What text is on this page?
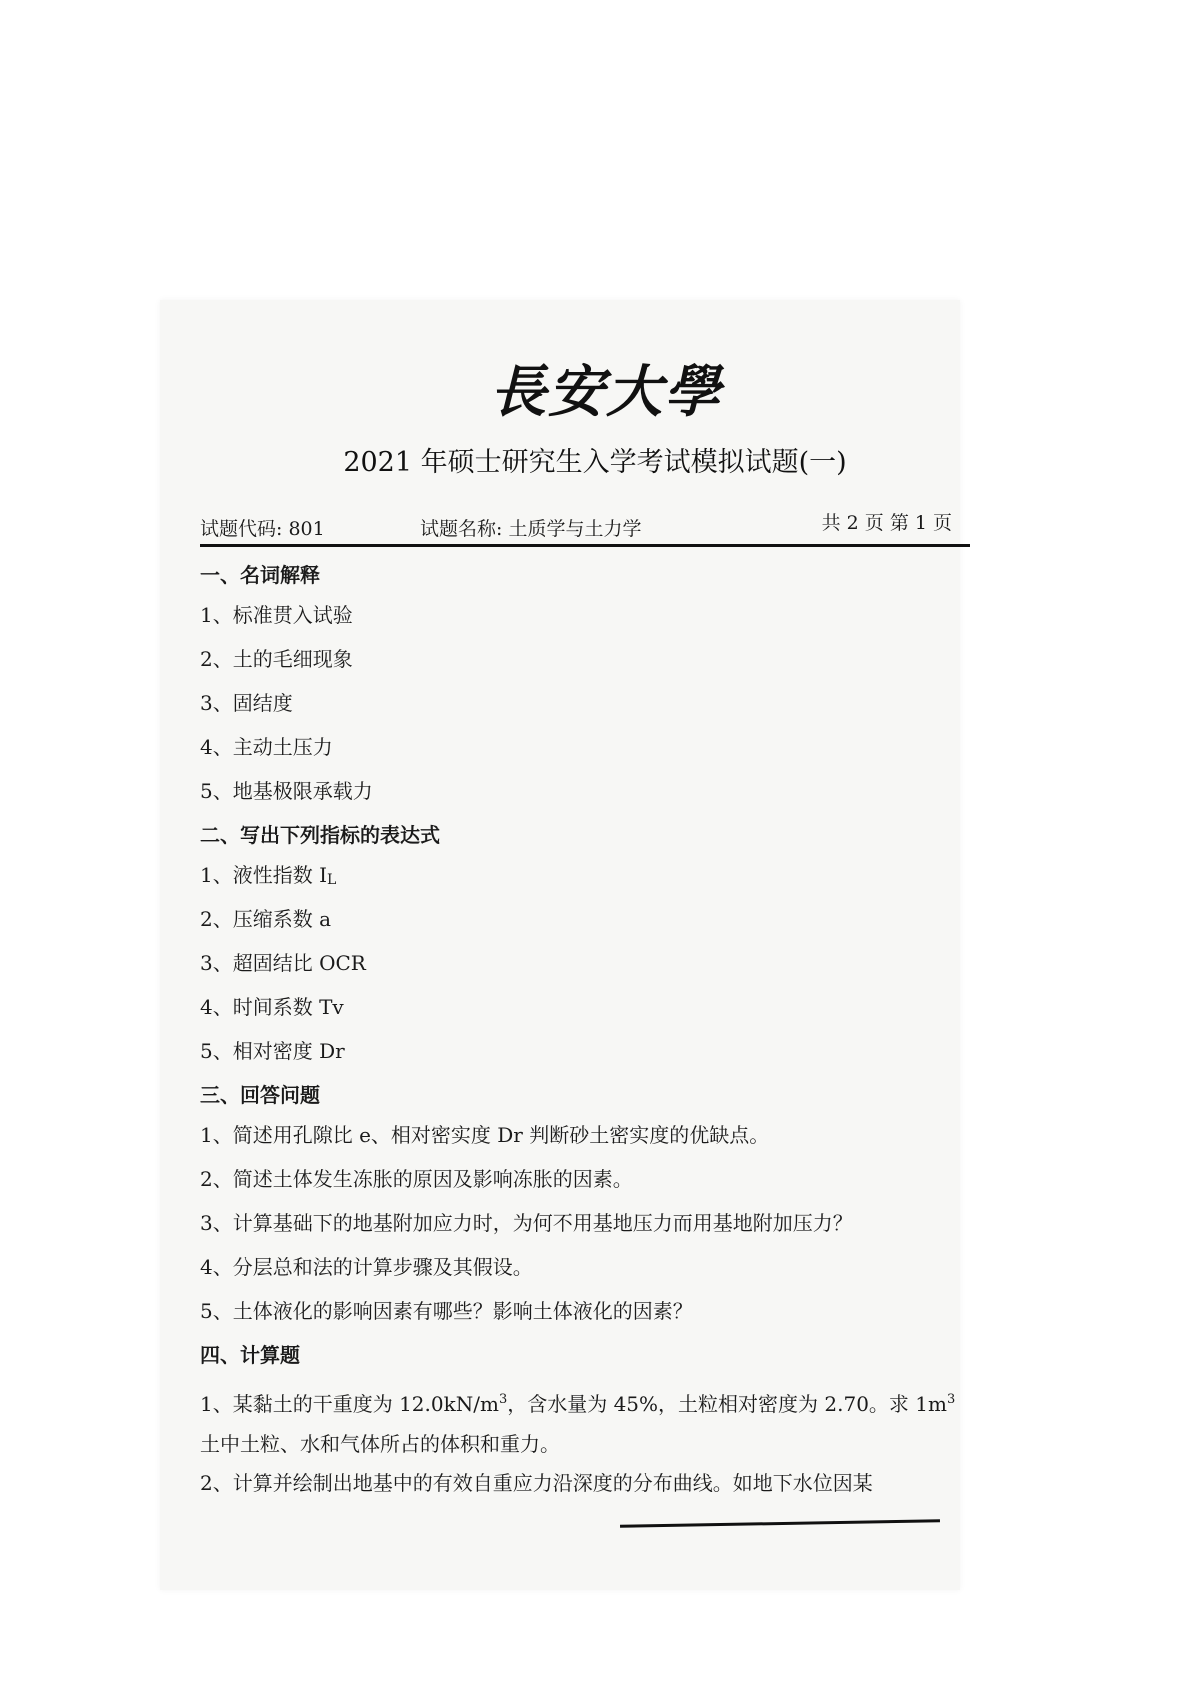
長安大學
2021 年硕士研究生入学考试模拟试题(一)
试题代码: 801	试题名称: 土质学与土力学	共 2 页 第 1 页

一、名词解释

1、标准贯入试验

2、土的毛细现象

3、固结度

4、主动土压力

5、地基极限承载力

二、写出下列指标的表达式

1、液性指数 IL

2、压缩系数 a

3、超固结比 OCR

4、时间系数 Tv

5、相对密度 Dr

三、回答问题

1、简述用孔隙比 e、相对密实度 Dr 判断砂土密实度的优缺点。

2、简述土体发生冻胀的原因及影响冻胀的因素。

3、计算基础下的地基附加应力时，为何不用基地压力而用基地附加压力？

4、分层总和法的计算步骤及其假设。

5、土体液化的影响因素有哪些？影响土体液化的因素？

四、计算题

1、某黏土的干重度为 $12.0kN/m^3$，含水量为 45%，土粒相对密度为 2.70。求 $1m^3$
土中土粒、水和气体所占的体积和重力。

2、计算并绘制出地基中的有效自重应力沿深度的分布曲线。如地下水位因某
